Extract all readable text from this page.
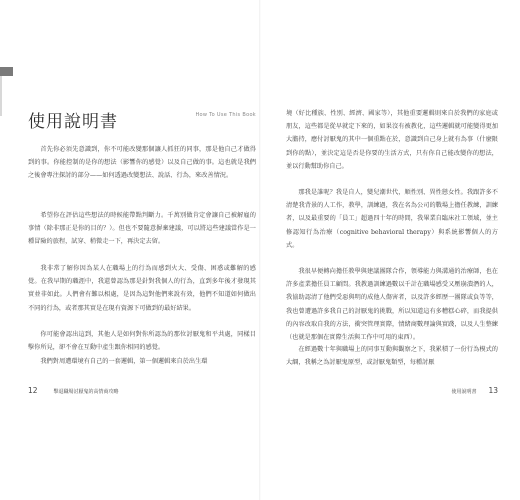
使用說明書	How To Use This Book

首先你必須先意識到，你不可能改變那個讓人抓狂的同事，那是他自己才做得到的事。你能控制的是你的想法（影響你的感覺）以及自己做的事。這也就是我們之後會專注探討的部分——如何透過改變想法、說話、行為，來改善情況。

希望你在評估這些想法的時候能帶點判斷力。千萬別做肯定會讓自己被解雇的事情（除非那正是你的目的？）。但也不要隨意摒棄建議，可以將這些建議當作是一種冒險的旅程，試穿、稍微走一下，再決定去留。

我非常了解你因為某人在職場上的行為而感到火大、受傷、困惑或難解的感覺。在我早期的職涯中，我還曾認為那是針對我個人的行為，直到多年後才發現其實並非如此。人們會有難以相處，是因為這對他們來說有效，他們不知道如何做出不同的行為，或者那其實是在現有資源下可做到的最好結果。

你可能會認出這到，其他人是如何對你所認為的那位討厭鬼和平共處，同樣目擊你所見，卻不會在互動中產生跟你相同的感覺。

我們對周遭環境有自己的一套邏輯，第一個邏輯來自於出生環

12	擊退職場討厭鬼的高情商攻略

境（好比種族、性別、經濟、國家等），其他重要邏輯則來自於我們的家庭或朋友，這些都是從早就定下來的，如果沒有被教化，這些邏輯就可能變得更加大膽持，應付討厭鬼的其中一個重點在於，意識到自己身上就有為事（什麼限到你的點），並決定這是否是你要的生活方式，只有你自己能改變你的想法，並以行動幫助你自己。

那我是誰呢？我是自人，變兒潮世代，順性別、異性戀女性。我跟許多不清楚我背景的人工作，教學，訓練過，我在名為公司的戰場上擔任教練，訓練者，以及最重要的「員工」超過四十年的時間，我畢業自臨床社工領域，並主修認知行為治療（cognitive behavioral therapy）與系統影響個人的方式。

我很早便轉向擔任教學與建議團隊合作，領導能力與溝通的治療師，也在許多產業擔任員工顧問。我教過訓練過數以千計在職場感受又壓崩潰潛的人，我協助認清了他們受惡與明的成他人傷害者，以及許多經歷一團隊或負等等，我也曾遭過許多我自己的討厭鬼的挑戰，所以知道這有多糟糕心碎，而我提供的內容改取自我的方法，衝突管理實際，情緒商數理論與實踐，以及人生整練（也就是那個在實際生活與工作中可用的東西）。

在經過數十年與職場上的同事互動與觀察之下，我累積了一份行為模式的大綱，我稱之為討厭鬼原型，或討厭鬼類型，每種討厭

使用說明書 13
